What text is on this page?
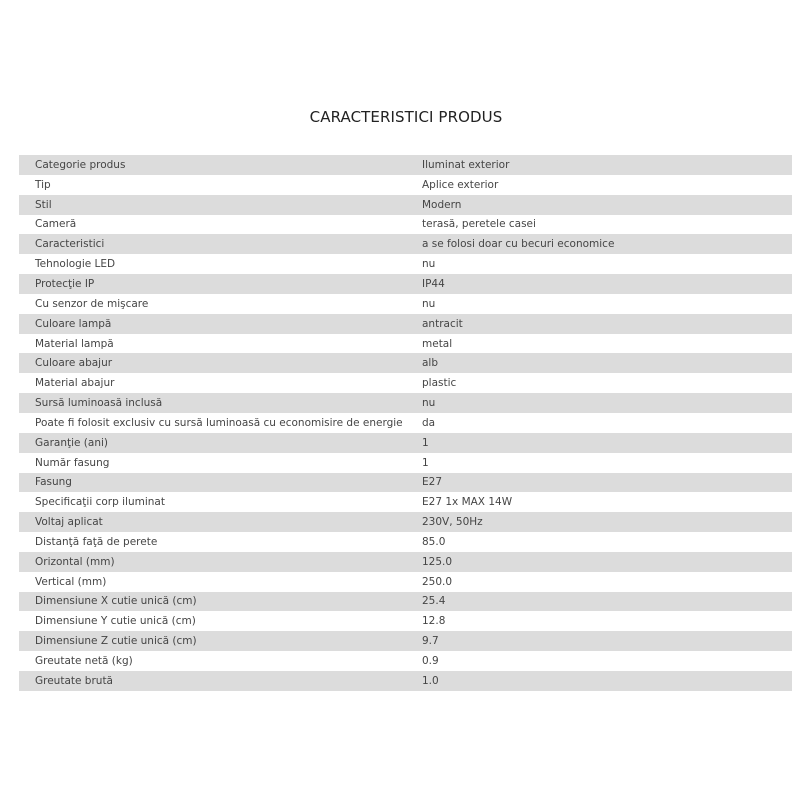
CARACTERISTICI PRODUS
Categorie produs	Iluminat exterior
Tip	Aplice exterior
Stil	Modern
Cameră	terasă, peretele casei
Caracteristici	a se folosi doar cu becuri economice
Tehnologie LED	nu
Protecţie IP	IP44
Cu senzor de mişcare	nu
Culoare lampă	antracit
Material lampă	metal
Culoare abajur	alb
Material abajur	plastic
Sursă luminoasă inclusă	nu
Poate fi folosit exclusiv cu sursă luminoasă cu economisire de energie	da
Garanţie (ani)	1
Număr fasung	1
Fasung	E27
Specificaţii corp iluminat	E27 1x MAX 14W
Voltaj aplicat	230V, 50Hz
Distanţă faţă de perete	85.0
Orizontal (mm)	125.0
Vertical (mm)	250.0
Dimensiune X cutie unică (cm)	25.4
Dimensiune Y cutie unică (cm)	12.8
Dimensiune Z cutie unică (cm)	9.7
Greutate netă (kg)	0.9
Greutate brută	1.0
